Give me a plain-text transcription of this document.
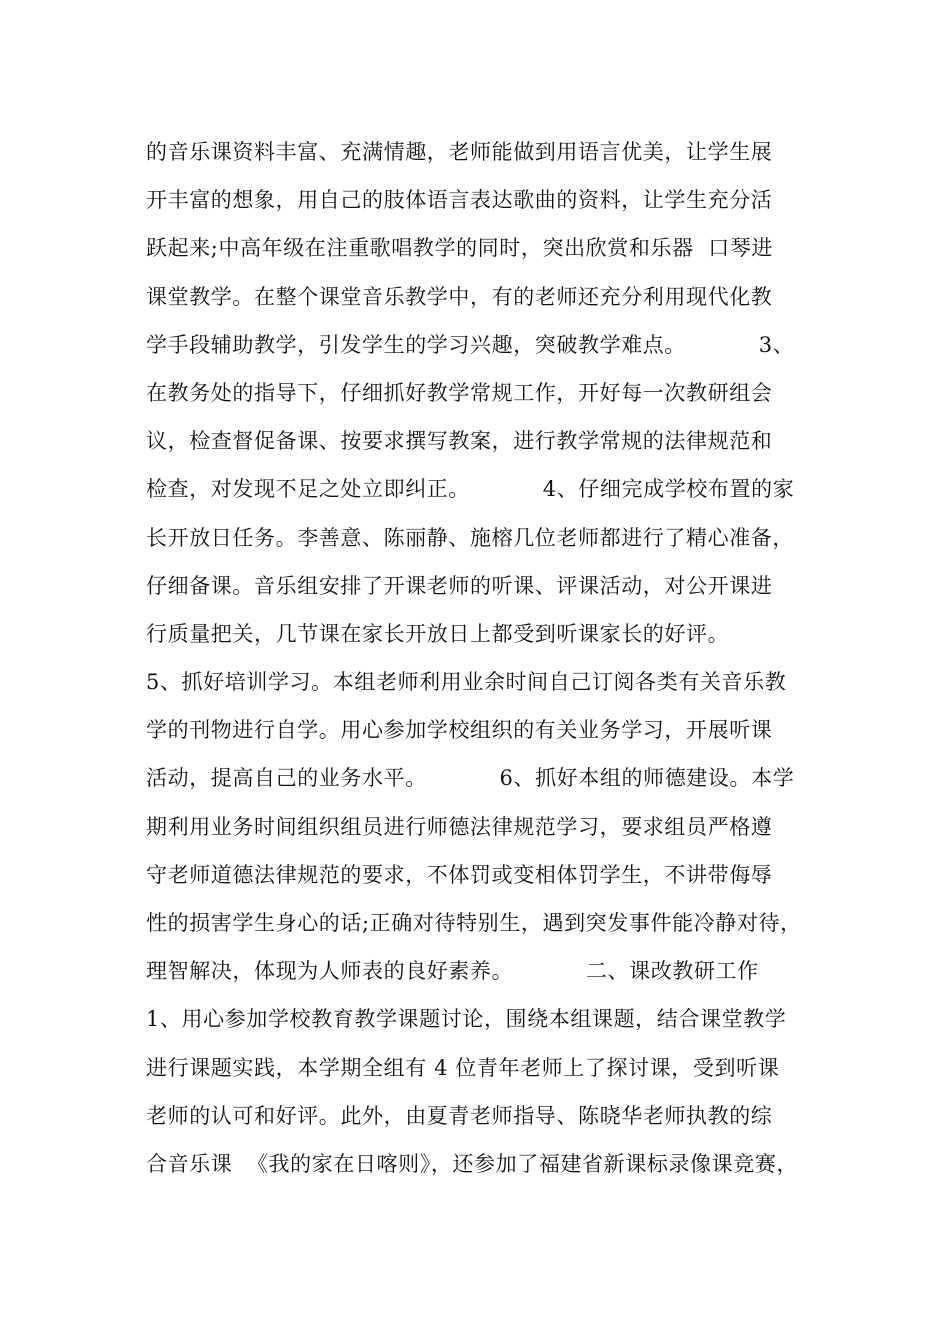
的音乐课资料丰富、充满情趣，老师能做到用语言优美，让学生展
开丰富的想象，用自己的肢体语言表达歌曲的资料，让学生充分活
跃起来;中高年级在注重歌唱教学的同时，突出欣赏和乐器  口琴进
课堂教学。在整个课堂音乐教学中，有的老师还充分利用现代化教
学手段辅助教学，引发学生的学习兴趣，突破教学难点。          3、
在教务处的指导下，仔细抓好教学常规工作，开好每一次教研组会
议，检查督促备课、按要求撰写教案，进行教学常规的法律规范和
检查，对发现不足之处立即纠正。          4、仔细完成学校布置的家
长开放日任务。李善意、陈丽静、施榕几位老师都进行了精心准备，
仔细备课。音乐组安排了开课老师的听课、评课活动，对公开课进
行质量把关，几节课在家长开放日上都受到听课家长的好评。
5、抓好培训学习。本组老师利用业余时间自己订阅各类有关音乐教
学的刊物进行自学。用心参加学校组织的有关业务学习，开展听课
活动，提高自己的业务水平。          6、抓好本组的师德建设。本学
期利用业务时间组织组员进行师德法律规范学习，要求组员严格遵
守老师道德法律规范的要求，不体罚或变相体罚学生，不讲带侮辱
性的损害学生身心的话;正确对待特别生，遇到突发事件能冷静对待，
理智解决，体现为人师表的良好素养。          二、课改教研工作
1、用心参加学校教育教学课题讨论，围绕本组课题，结合课堂教学
进行课题实践，本学期全组有 4 位青年老师上了探讨课，受到听课
老师的认可和好评。此外，由夏青老师指导、陈晓华老师执教的综
合音乐课  《我的家在日喀则》，还参加了福建省新课标录像课竞赛，
